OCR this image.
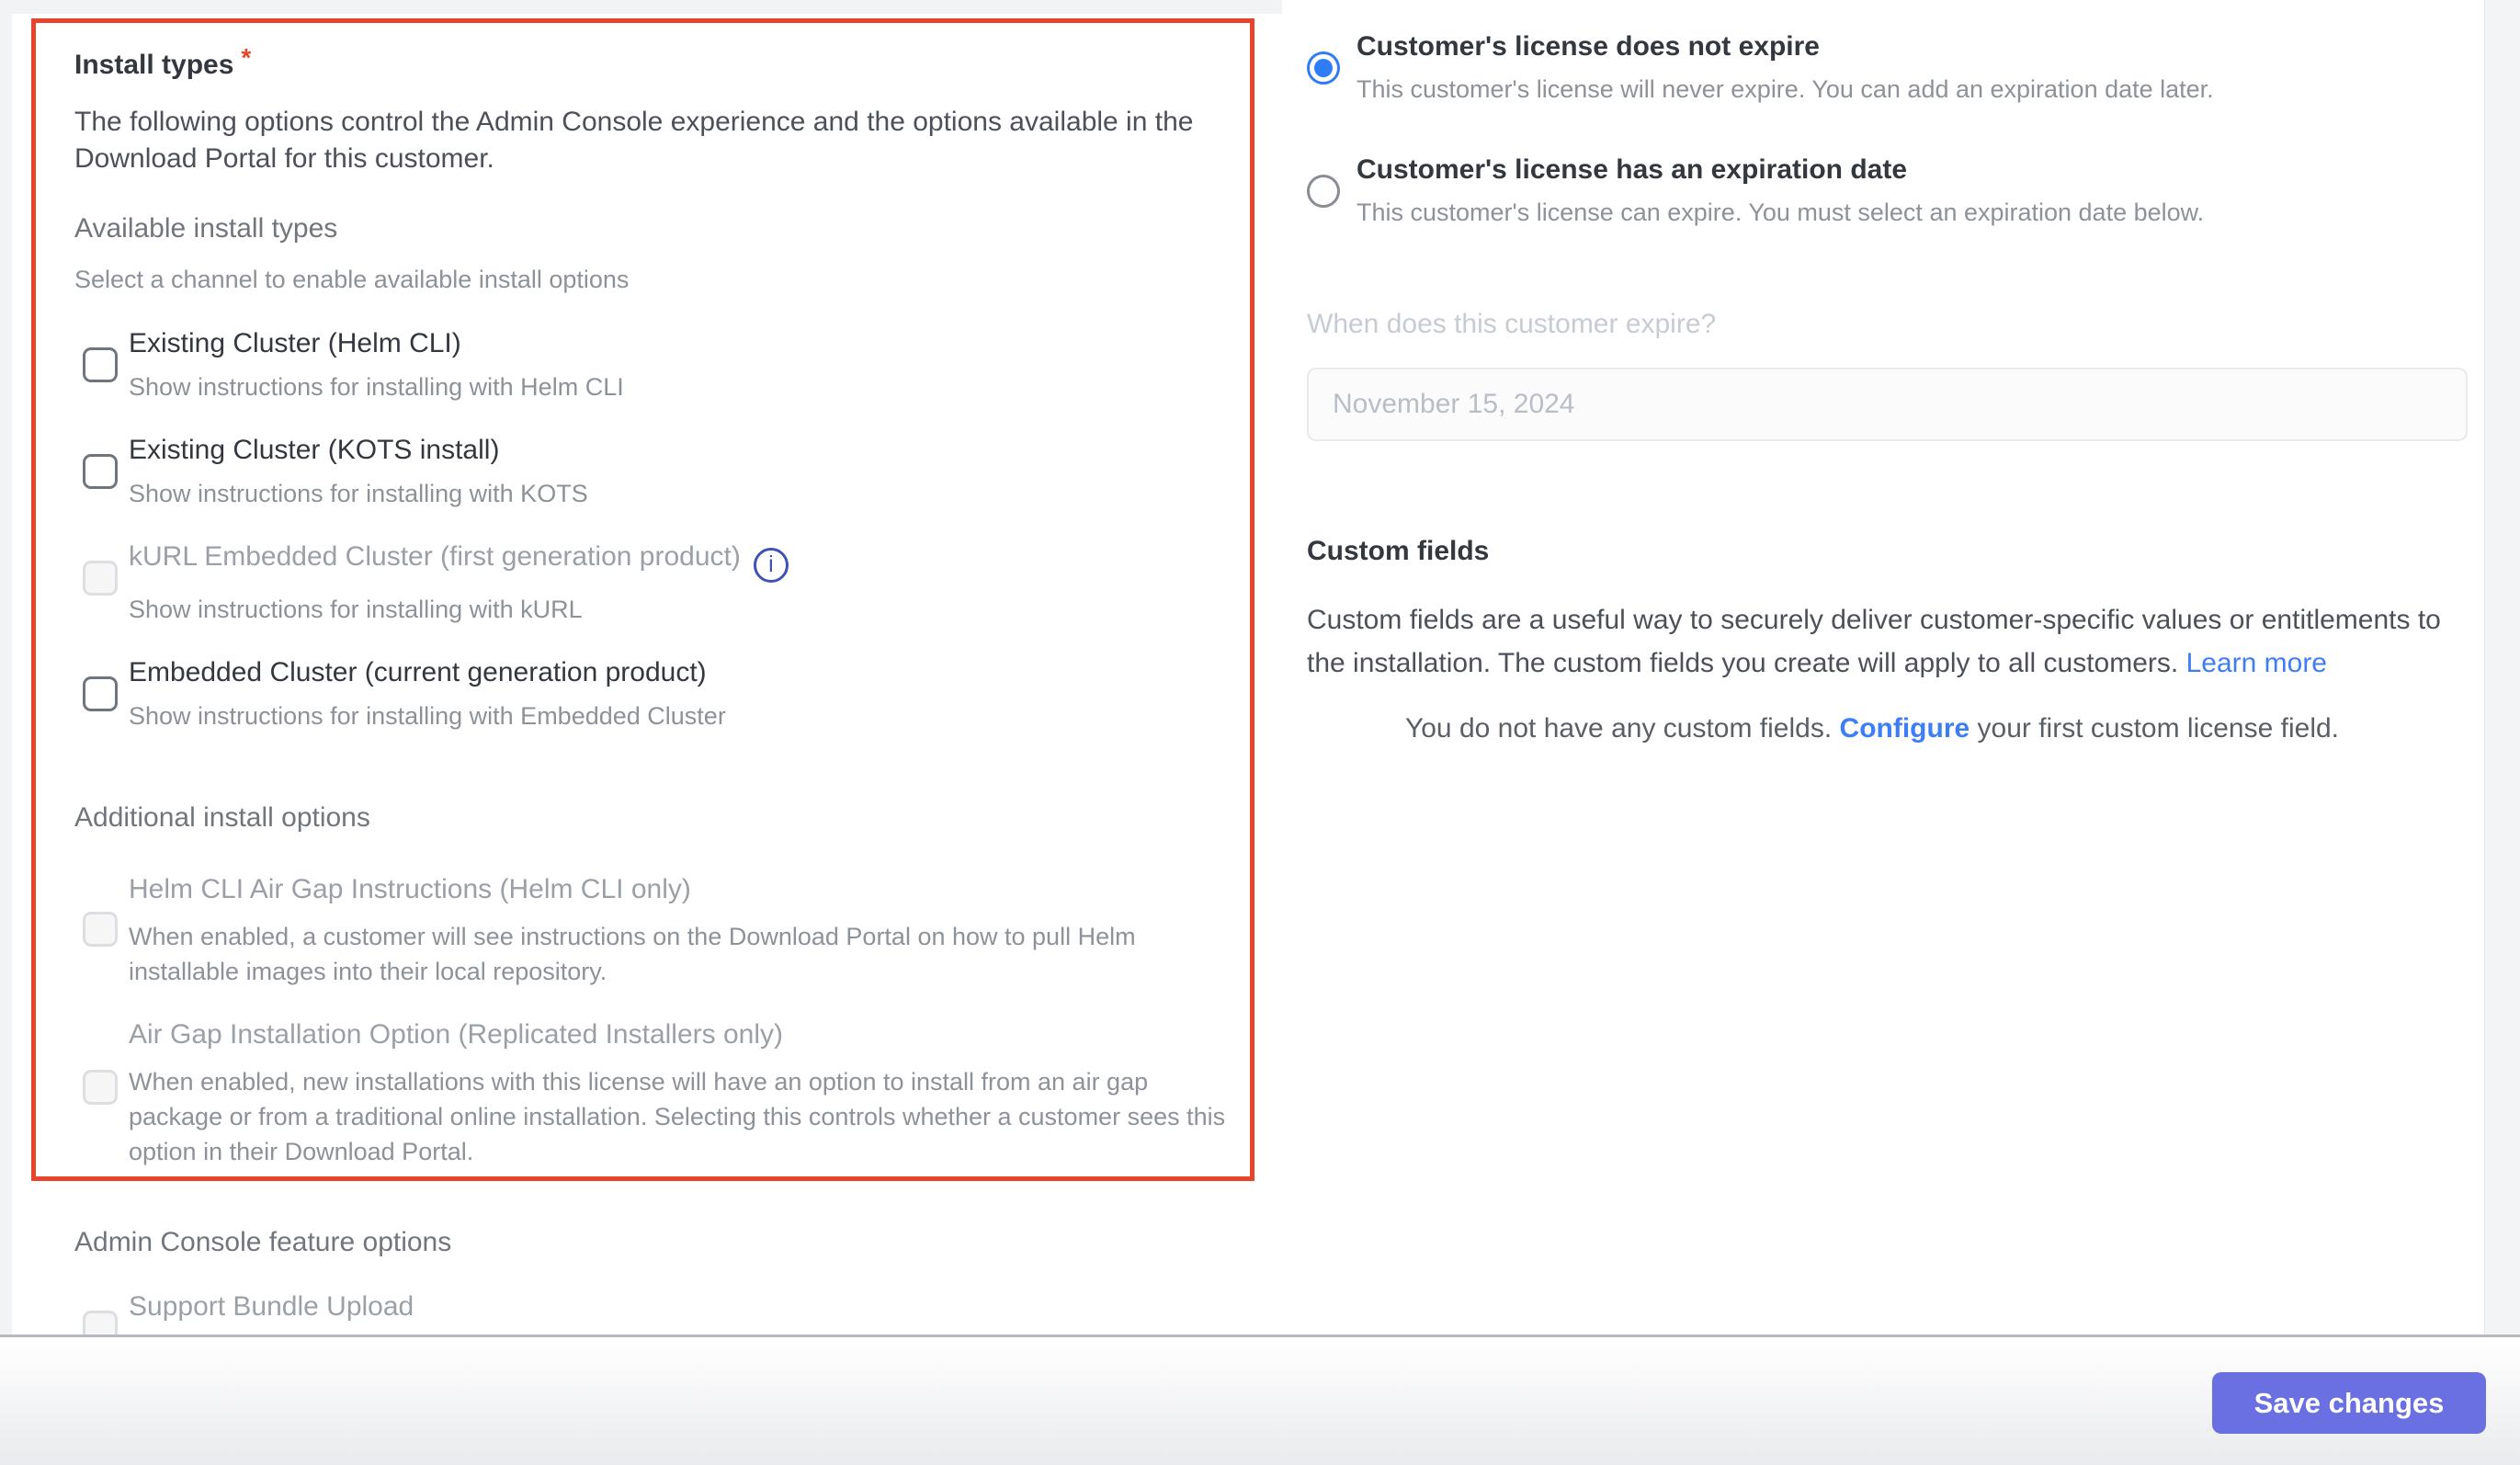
Install types *

The following options control the Admin Console experience and the options available in the Download Portal for this customer.

Available install types
Select a channel to enable available install options
Existing Cluster (Helm CLI)
Show instructions for installing with Helm CLI
Existing Cluster (KOTS install)
Show instructions for installing with KOTS
kURL Embedded Cluster (first generation product) i
Show instructions for installing with kURL
Embedded Cluster (current generation product)
Show instructions for installing with Embedded Cluster
Additional install options
Helm CLI Air Gap Instructions (Helm CLI only)
When enabled, a customer will see instructions on the Download Portal on how to pull Helm installable images into their local repository.
Air Gap Installation Option (Replicated Installers only)
When enabled, new installations with this license will have an option to install from an air gap package or from a traditional online installation. Selecting this controls whether a customer sees this option in their Download Portal.
Admin Console feature options
Support Bundle Upload
Customer's license does not expire
This customer's license will never expire. You can add an expiration date later.
Customer's license has an expiration date
This customer's license can expire. You must select an expiration date below.
When does this customer expire?
November 15, 2024
Custom fields

Custom fields are a useful way to securely deliver customer-specific values or entitlements to the installation. The custom fields you create will apply to all customers. Learn more

You do not have any custom fields. Configure your first custom license field.
Save changes
